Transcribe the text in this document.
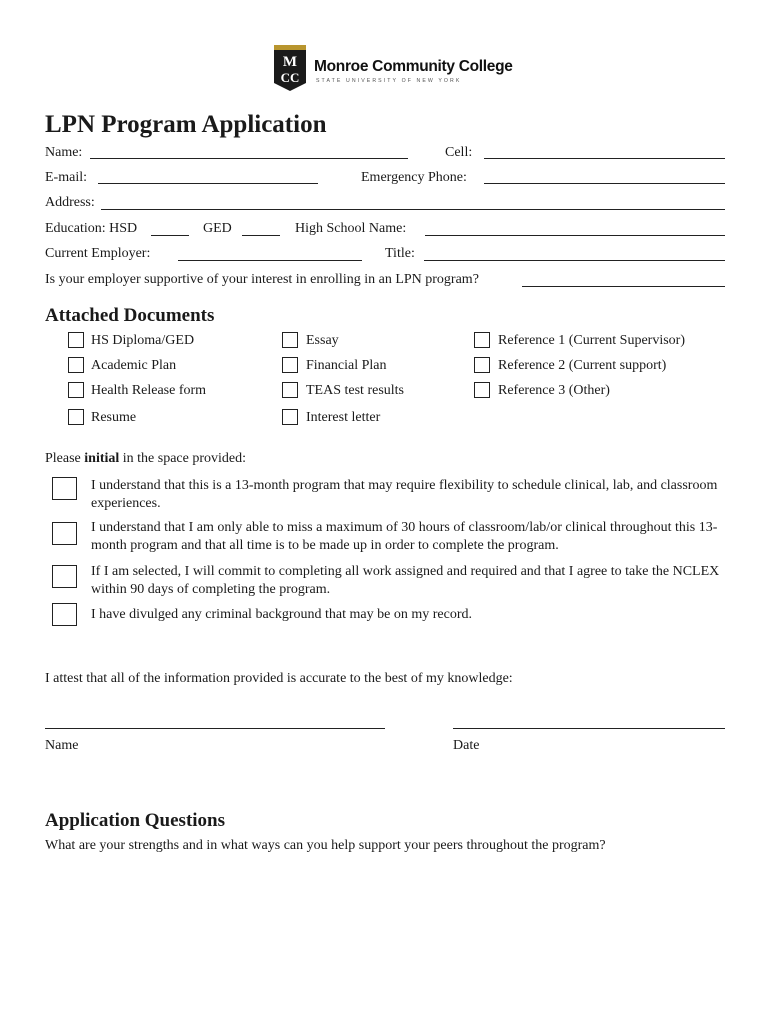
M
CC
Monroe Community College
STATE UNIVERSITY OF NEW YORK
LPN Program Application
Name:	Cell:
E-mail:	Emergency Phone:
Address:
Education: HSD	GED	High School Name:
Current Employer:	Title:
Is your employer supportive of your interest in enrolling in an LPN program?
Attached Documents
HS Diploma/GED
Academic Plan
Health Release form
Resume
Essay
Financial Plan
TEAS test results
Interest letter
Reference 1 (Current Supervisor)
Reference 2 (Current support)
Reference 3 (Other)
Please initial in the space provided:
I understand that this is a 13-month program that may require flexibility to schedule clinical, lab, and classroom experiences.
I understand that I am only able to miss a maximum of 30 hours of classroom/lab/or clinical throughout this 13-month program and that all time is to be made up in order to complete the program.
If I am selected, I will commit to completing all work assigned and required and that I agree to take the NCLEX within 90 days of completing the program.
I have divulged any criminal background that may be on my record.
I attest that all of the information provided is accurate to the best of my knowledge:
Name	Date
Application Questions
What are your strengths and in what ways can you help support your peers throughout the program?
